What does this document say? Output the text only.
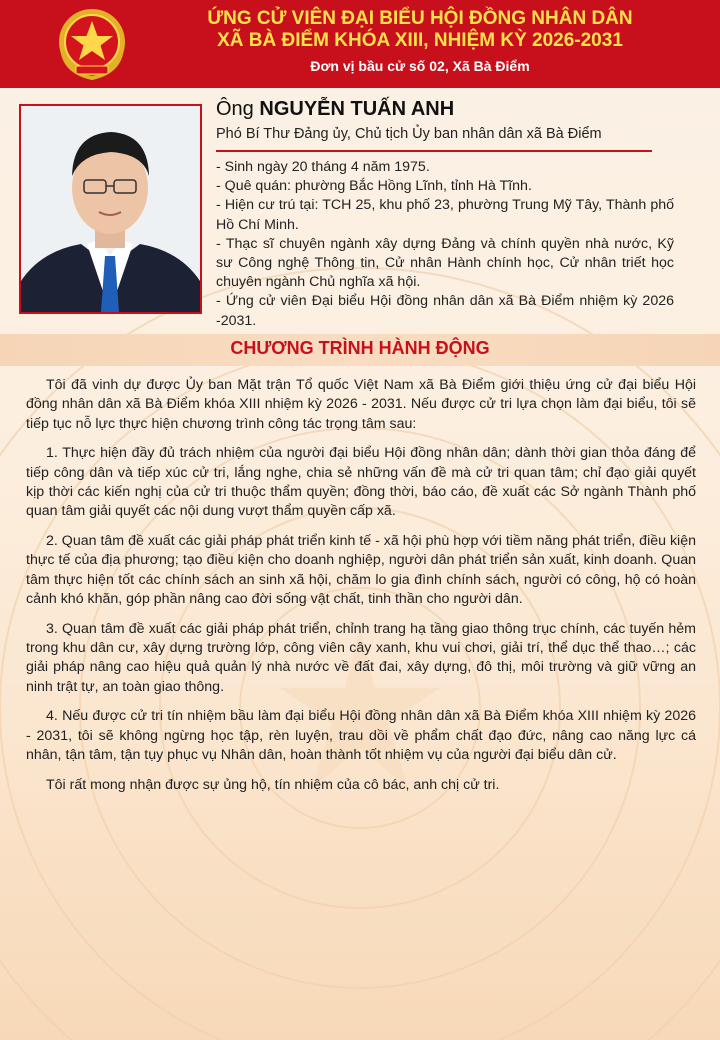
ỨNG CỬ VIÊN ĐẠI BIỂU HỘI ĐỒNG NHÂN DÂN
XÃ BÀ ĐIỂM KHÓA XIII, NHIỆM KỲ 2026-2031
Đơn vị bầu cử số 02, Xã Bà Điểm
Ông NGUYỄN TUẤN ANH
Phó Bí Thư Đảng ủy, Chủ tịch Ủy ban nhân dân xã Bà Điểm
- Sinh ngày 20 tháng 4 năm 1975.
- Quê quán: phường Bắc Hồng Lĩnh, tỉnh Hà Tĩnh.
- Hiện cư trú tại: TCH 25, khu phố 23, phường Trung Mỹ Tây, Thành phố Hồ Chí Minh.
- Thạc sĩ chuyên ngành xây dựng Đảng và chính quyền nhà nước, Kỹ sư Công nghệ Thông tin, Cử nhân Hành chính học, Cử nhân triết học chuyên ngành Chủ nghĩa xã hội.
- Ứng cử viên Đại biểu Hội đồng nhân dân xã Bà Điểm nhiệm kỳ 2026 -2031.
CHƯƠNG TRÌNH HÀNH ĐỘNG

Tôi đã vinh dự được Ủy ban Mặt trận Tổ quốc Việt Nam xã Bà Điểm giới thiệu ứng cử đại biểu Hội đồng nhân dân xã Bà Điểm khóa XIII nhiệm kỳ 2026 - 2031. Nếu được cử tri lựa chọn làm đại biểu, tôi sẽ tiếp tục nỗ lực thực hiện chương trình công tác trọng tâm sau:

1. Thực hiện đầy đủ trách nhiệm của người đại biểu Hội đồng nhân dân; dành thời gian thỏa đáng để tiếp công dân và tiếp xúc cử tri, lắng nghe, chia sẻ những vấn đề mà cử tri quan tâm; chỉ đạo giải quyết kịp thời các kiến nghị của cử tri thuộc thẩm quyền; đồng thời, báo cáo, đề xuất các Sở ngành Thành phố quan tâm giải quyết các nội dung vượt thẩm quyền cấp xã.

2. Quan tâm đề xuất các giải pháp phát triển kinh tế - xã hội phù hợp với tiềm năng phát triển, điều kiện thực tế của địa phương; tạo điều kiện cho doanh nghiệp, người dân phát triển sản xuất, kinh doanh. Quan tâm thực hiện tốt các chính sách an sinh xã hội, chăm lo gia đình chính sách, người có công, hộ có hoàn cảnh khó khăn, góp phần nâng cao đời sống vật chất, tinh thần cho người dân.

3. Quan tâm đề xuất các giải pháp phát triển, chỉnh trang hạ tầng giao thông trục chính, các tuyến hẻm trong khu dân cư, xây dựng trường lớp, công viên cây xanh, khu vui chơi, giải trí, thể dục thể thao…; các giải pháp nâng cao hiệu quả quản lý nhà nước về đất đai, xây dựng, đô thị, môi trường và giữ vững an ninh trật tự, an toàn giao thông.

4. Nếu được cử tri tín nhiệm bầu làm đại biểu Hội đồng nhân dân xã Bà Điểm khóa XIII nhiệm kỳ 2026 - 2031, tôi sẽ không ngừng học tập, rèn luyện, trau dồi về phẩm chất đạo đức, nâng cao năng lực cá nhân, tận tâm, tận tụy phục vụ Nhân dân, hoàn thành tốt nhiệm vụ của người đại biểu dân cử.

Tôi rất mong nhận được sự ủng hộ, tín nhiệm của cô bác, anh chị cử tri.
